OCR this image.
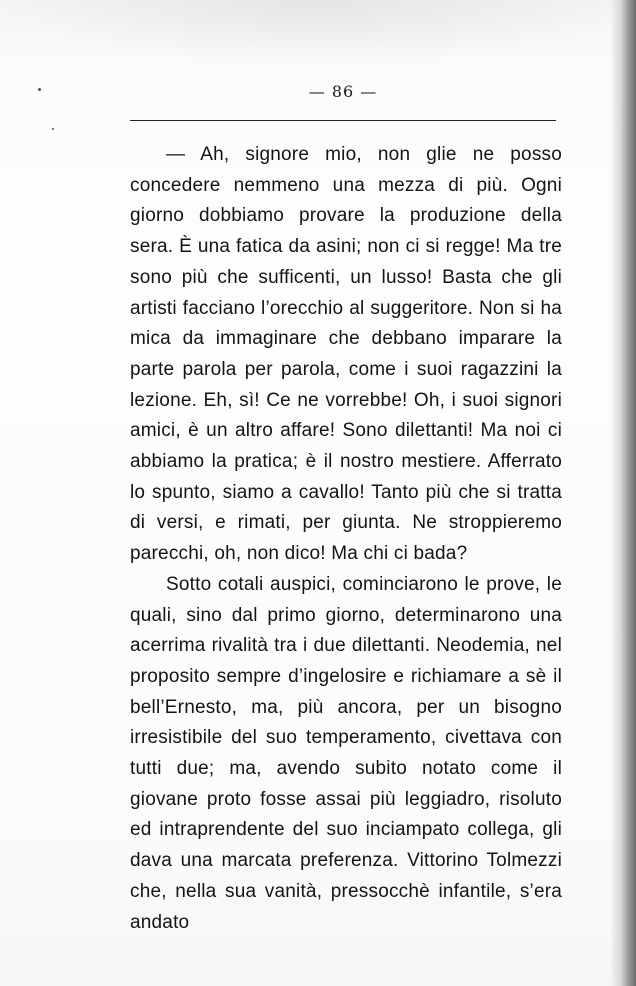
— 86 —

— Ah, signore mio, non glie ne posso concedere nemmeno una mezza di più. Ogni giorno dobbiamo provare la produzione della sera. È una fatica da asini; non ci si regge! Ma tre sono più che sufficenti, un lusso! Basta che gli artisti facciano l’orecchio al suggeritore. Non si ha mica da immaginare che debbano imparare la parte parola per parola, come i suoi ragazzini la lezione. Eh, sì! Ce ne vorrebbe! Oh, i suoi signori amici, è un altro affare! Sono dilettanti! Ma noi ci abbiamo la pratica; è il nostro mestiere. Afferrato lo spunto, siamo a cavallo! Tanto più che si tratta di versi, e rimati, per giunta. Ne stroppieremo parecchi, oh, non dico! Ma chi ci bada?

Sotto cotali auspici, cominciarono le prove, le quali, sino dal primo giorno, determinarono una acerrima rivalità tra i due dilettanti. Neodemia, nel proposito sempre d’ingelosire e richiamare a sè il bell’Ernesto, ma, più ancora, per un bisogno irresistibile del suo temperamento, civettava con tutti due; ma, avendo subito notato come il giovane proto fosse assai più leggiadro, risoluto ed intraprendente del suo inciampato collega, gli dava una marcata preferenza. Vittorino Tolmezzi che, nella sua vanità, pressocchè infantile, s’era andato
